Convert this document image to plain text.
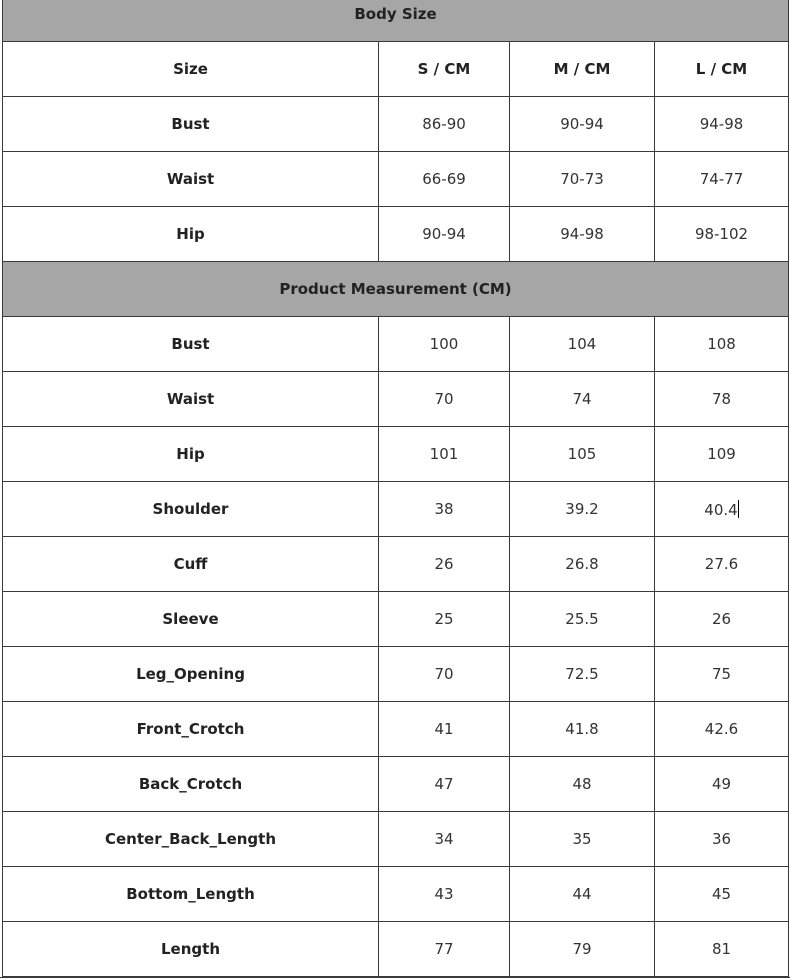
Body Size			
Size	S / CM	M / CM	L / CM
Bust	86-90	90-94	94-98
Waist	66-69	70-73	74-77
Hip	90-94	94-98	98-102
Product Measurement (CM)			
Bust	100	104	108
Waist	70	74	78
Hip	101	105	109
Shoulder	38	39.2	40.4
Cuff	26	26.8	27.6
Sleeve	25	25.5	26
Leg_Opening	70	72.5	75
Front_Crotch	41	41.8	42.6
Back_Crotch	47	48	49
Center_Back_Length	34	35	36
Bottom_Length	43	44	45
Length	77	79	81
